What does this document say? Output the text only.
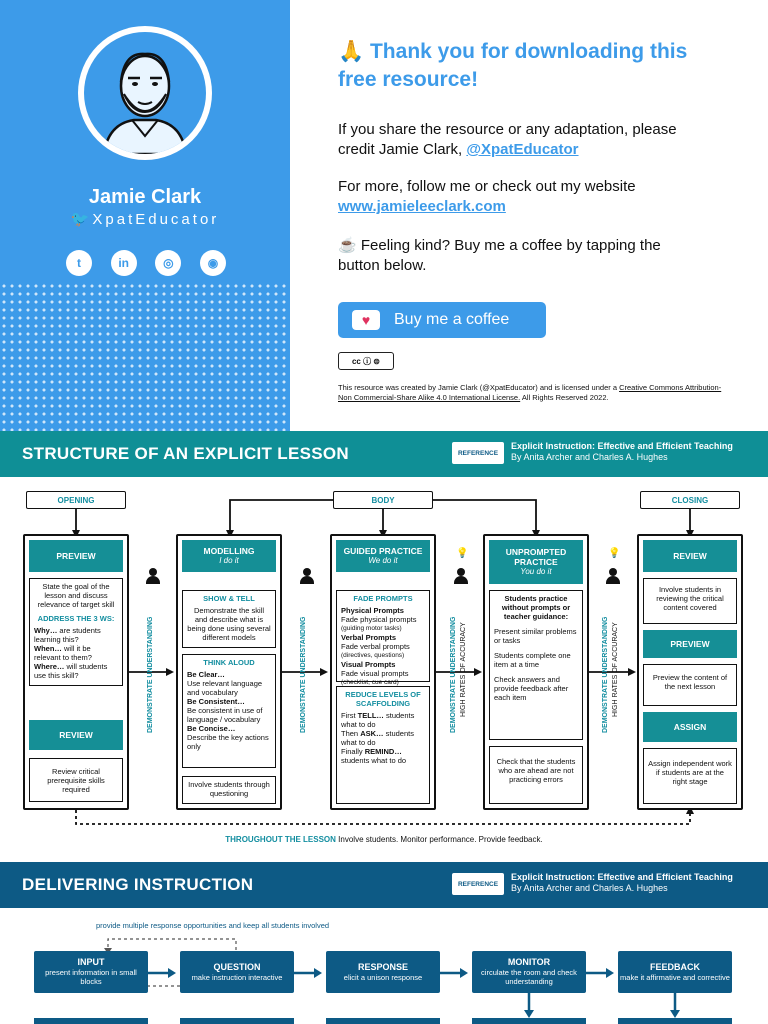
Jamie Clark
🐦XpatEducator
t	in	◎	◉
🙏 Thank you for downloading this free resource!
If you share the resource or any adaptation, please credit Jamie Clark, @XpatEducator
For more, follow me or check out my website
www.jamieleeclark.com
☕ Feeling kind? Buy me a coffee by tapping the button below.
♥	Buy me a coffee
cc ⓘ ⊜
This resource was created by Jamie Clark (@XpatEducator) and is licensed under a Creative Commons Attribution-Non Commercial-Share Alike 4.0 International License. All Rights Reserved 2022.
STRUCTURE OF AN EXPLICIT LESSON	REFERENCE
Explicit Instruction: Effective and Efficient Teaching
By Anita Archer and Charles A. Hughes
OPENING	BODY	CLOSING
PREVIEW
State the goal of the lesson and discuss relevance of target skill
ADDRESS THE 3 WS:
Why… are students learning this?
When… will it be relevant to them?
Where… will students use this skill?
REVIEW
Review critical prerequisite skills required
MODELLING
I do it
SHOW & TELL
Demonstrate the skill and describe what is being done using several different models
THINK ALOUD
Be Clear…
Use relevant language and vocabulary
Be Consistent…
Be consistent in use of language / vocabulary
Be Concise…
Describe the key actions only
Involve students through questioning
GUIDED PRACTICE
We do it
FADE PROMPTS
Physical Prompts
Fade physical prompts
(guiding motor tasks)
Verbal Prompts
Fade verbal prompts
(directives, questions)
Visual Prompts
Fade visual prompts
(checklist, cue card)
REDUCE LEVELS OF SCAFFOLDING
First TELL… students what to do
Then ASK… students what to do
Finally REMIND… students what to do
UNPROMPTED PRACTICE
You do it
Students practice without prompts or teacher guidance:
Present similar problems or tasks
Students complete one item at a time
Check answers and provide feedback after each item
Check that the students who are ahead are not practicing errors
REVIEW
Involve students in reviewing the critical content covered
PREVIEW
Preview the content of the next lesson
ASSIGN
Assign independent work if students are at the right stage
💡	💡
DEMONSTRATE UNDERSTANDING	DEMONSTRATE UNDERSTANDING	DEMONSTRATE UNDERSTANDING HIGH RATES OF ACCURACY	DEMONSTRATE UNDERSTANDING HIGH RATES OF ACCURACY
THROUGHOUT THE LESSON Involve students. Monitor performance. Provide feedback.
DELIVERING INSTRUCTION	REFERENCE
Explicit Instruction: Effective and Efficient Teaching
By Anita Archer and Charles A. Hughes
provide multiple response opportunities and keep all students involved
INPUT
present information in small blocks
QUESTION
make instruction interactive
RESPONSE
elicit a unison response
MONITOR
circulate the room and check understanding
FEEDBACK
make it affirmative and corrective
